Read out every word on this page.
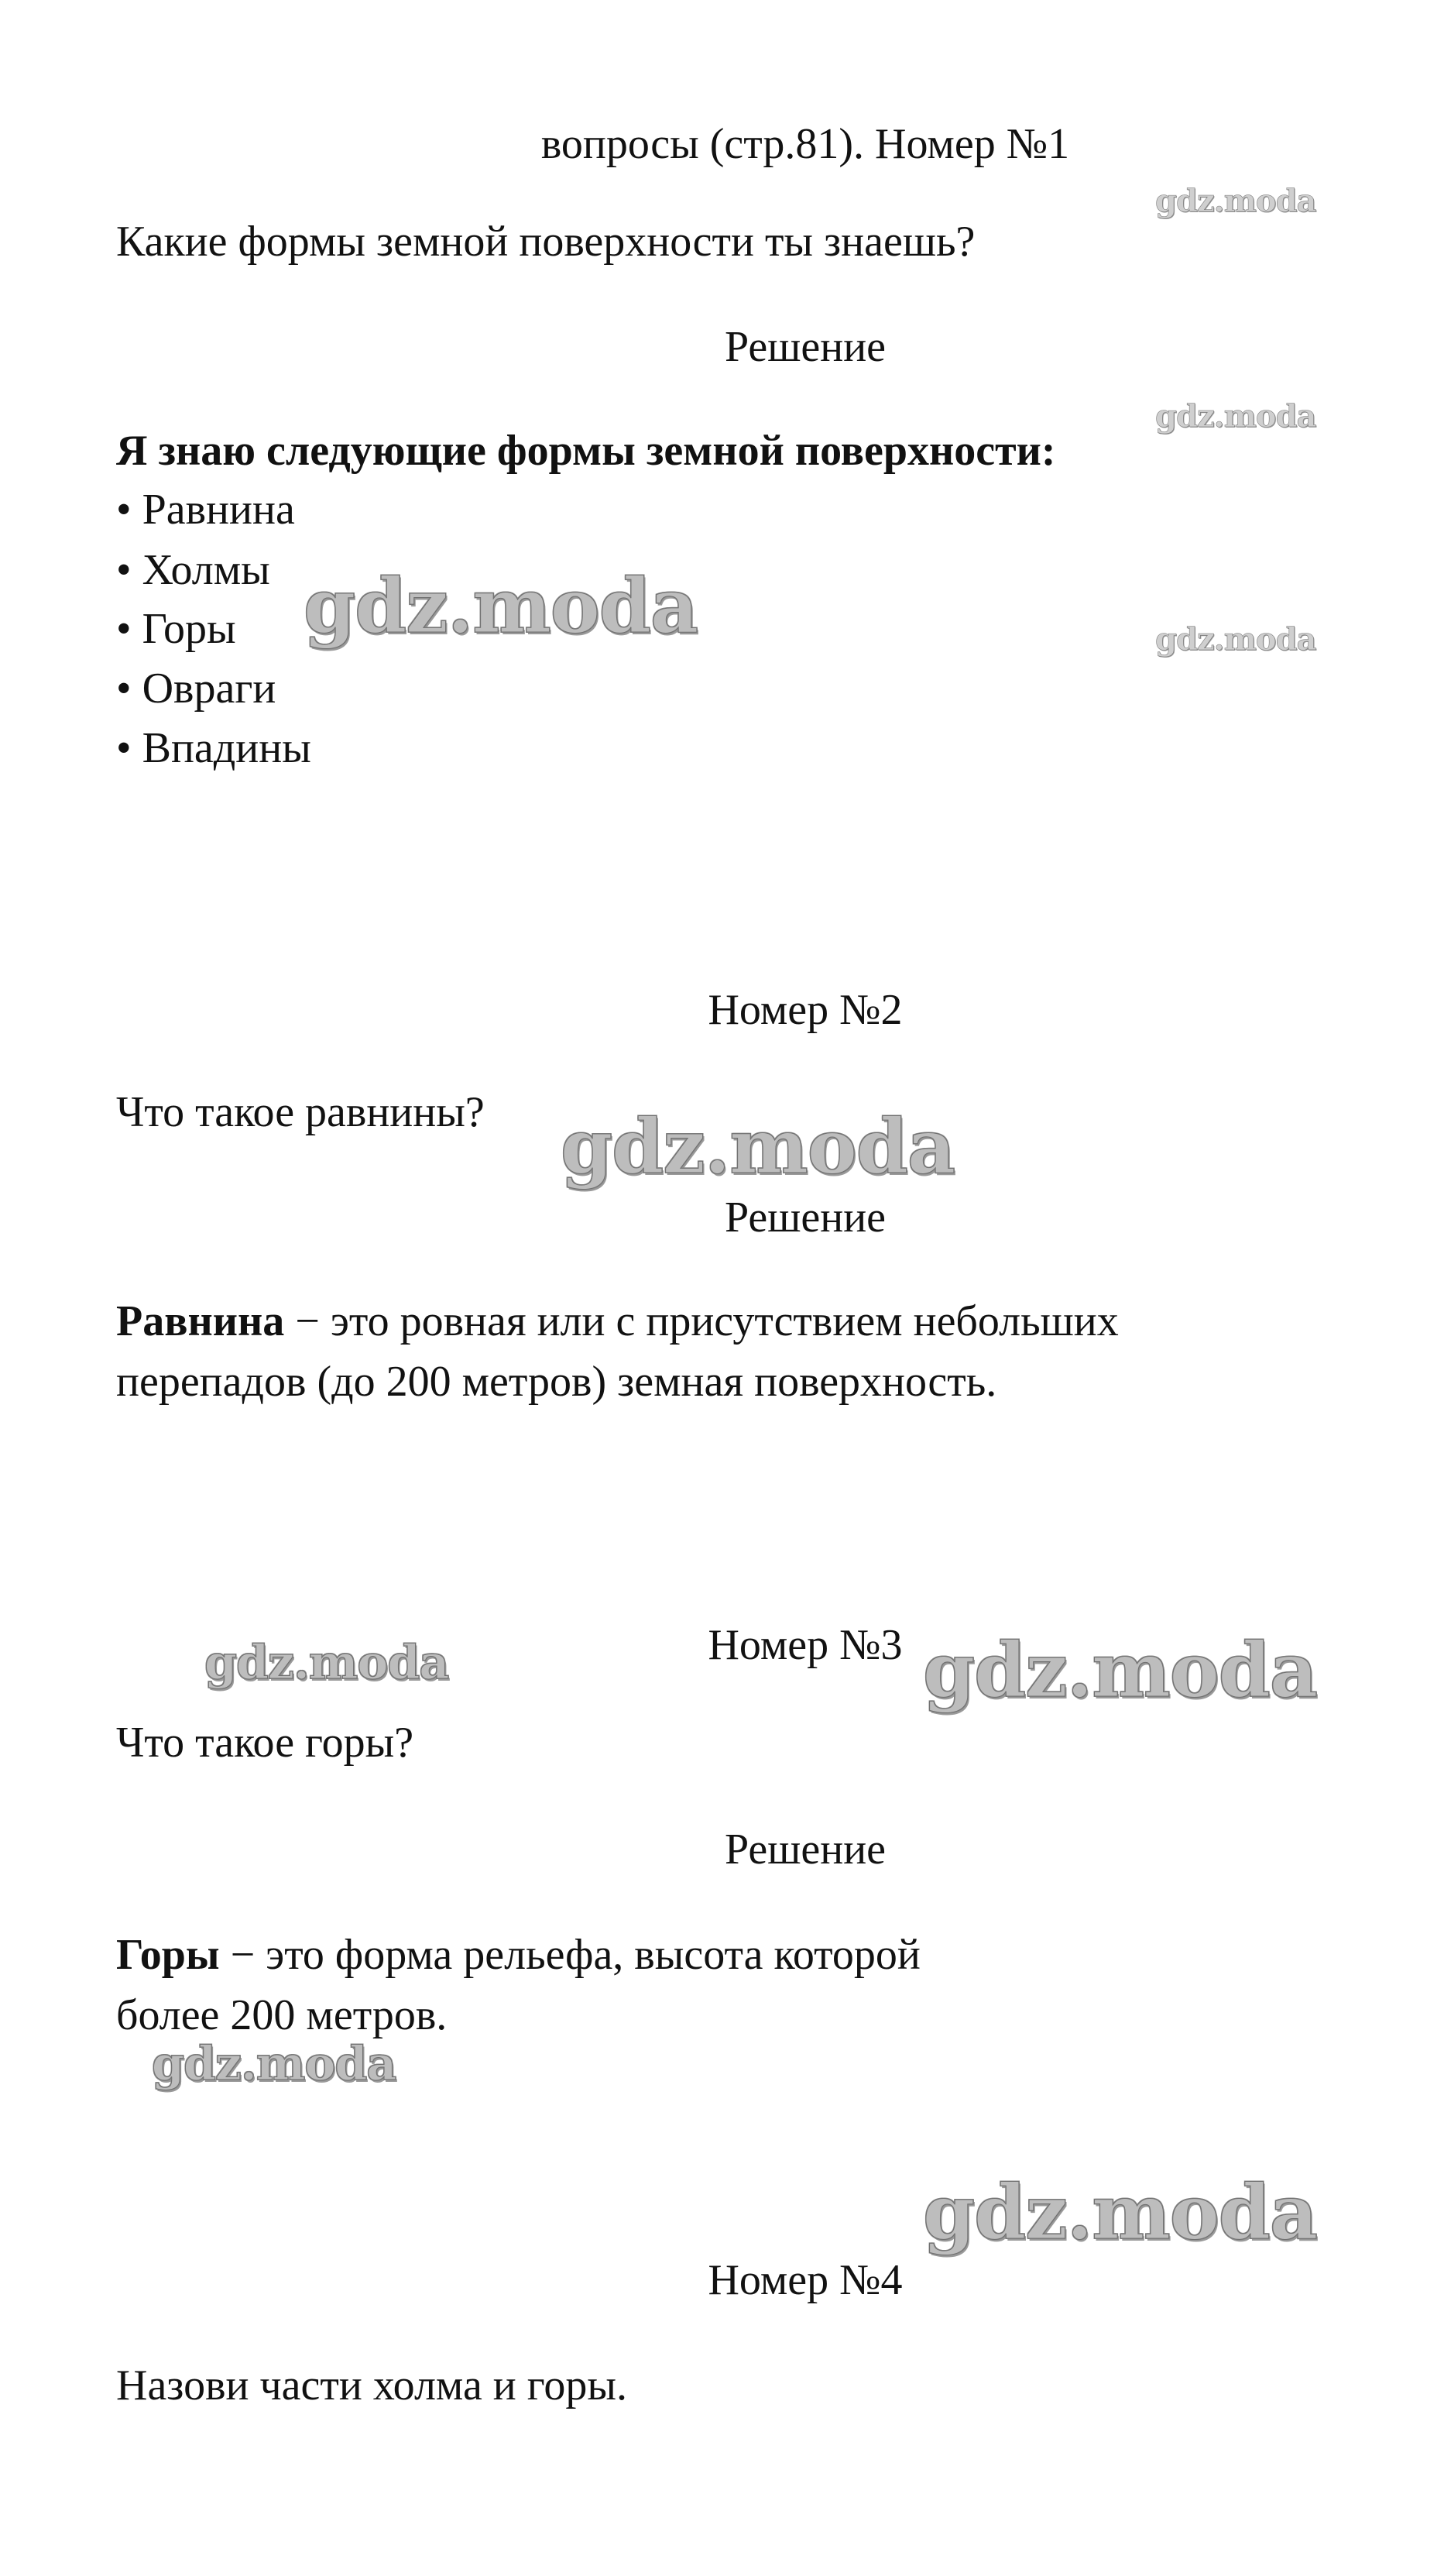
вопросы (стр.81). Номер №1
Какие формы земной поверхности ты знаешь?
Решение
Я знаю следующие формы земной поверхности:
• Равнина
• Холмы
• Горы
• Овраги
• Впадины
Номер №2
Что такое равнины?
Решение
Равнина − это ровная или с присутствием небольших
перепадов (до 200 метров) земная поверхность.
Номер №3
Что такое горы?
Решение
Горы − это форма рельефа, высота которой
более 200 метров.
Номер №4
Назови части холма и горы.
gdz.moda
gdz.moda
gdz.moda
gdz.moda
gdz.moda
gdz.moda	gdz.moda
gdz.moda
gdz.moda
